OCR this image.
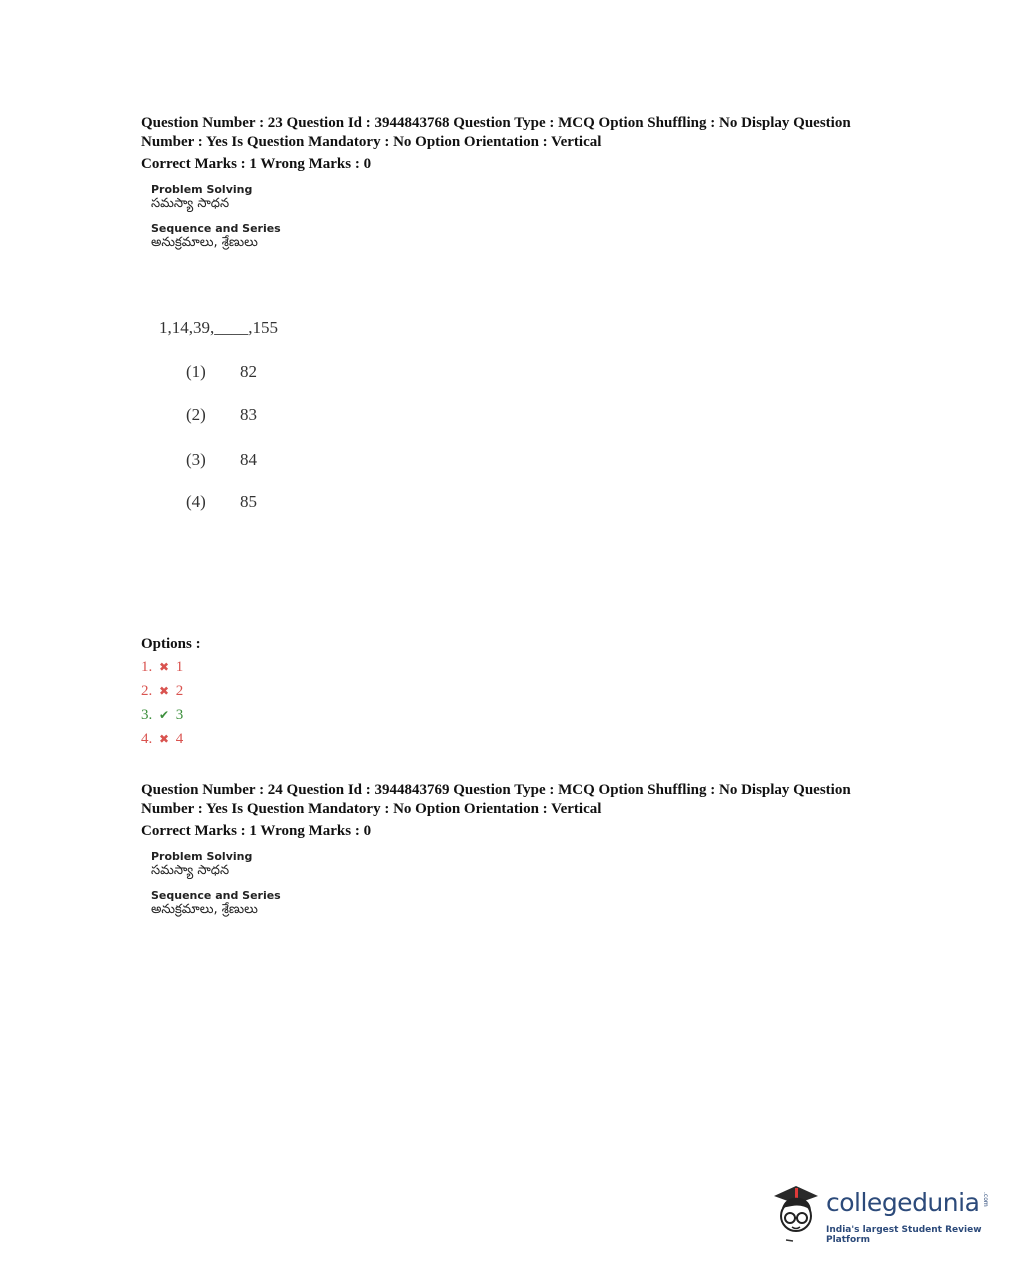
Question Number : 23 Question Id : 3944843768 Question Type : MCQ Option Shuffling : No Display Question
Number : Yes Is Question Mandatory : No Option Orientation : Vertical
Correct Marks : 1 Wrong Marks : 0
Problem Solving
సమస్యా సాధన
Sequence and Series
అనుక్రమాలు, శ్రేణులు
1,14,39,____,155
(1) 82
(2) 83
(3) 84
(4) 85
Options :
1. ✖ 1
2. ✖ 2
3. ✔ 3
4. ✖ 4
Question Number : 24 Question Id : 3944843769 Question Type : MCQ Option Shuffling : No Display Question
Number : Yes Is Question Mandatory : No Option Orientation : Vertical
Correct Marks : 1 Wrong Marks : 0
Problem Solving
సమస్యా సాధన
Sequence and Series
అనుక్రమాలు, శ్రేణులు
collegedunia .com
India's largest Student Review Platform
